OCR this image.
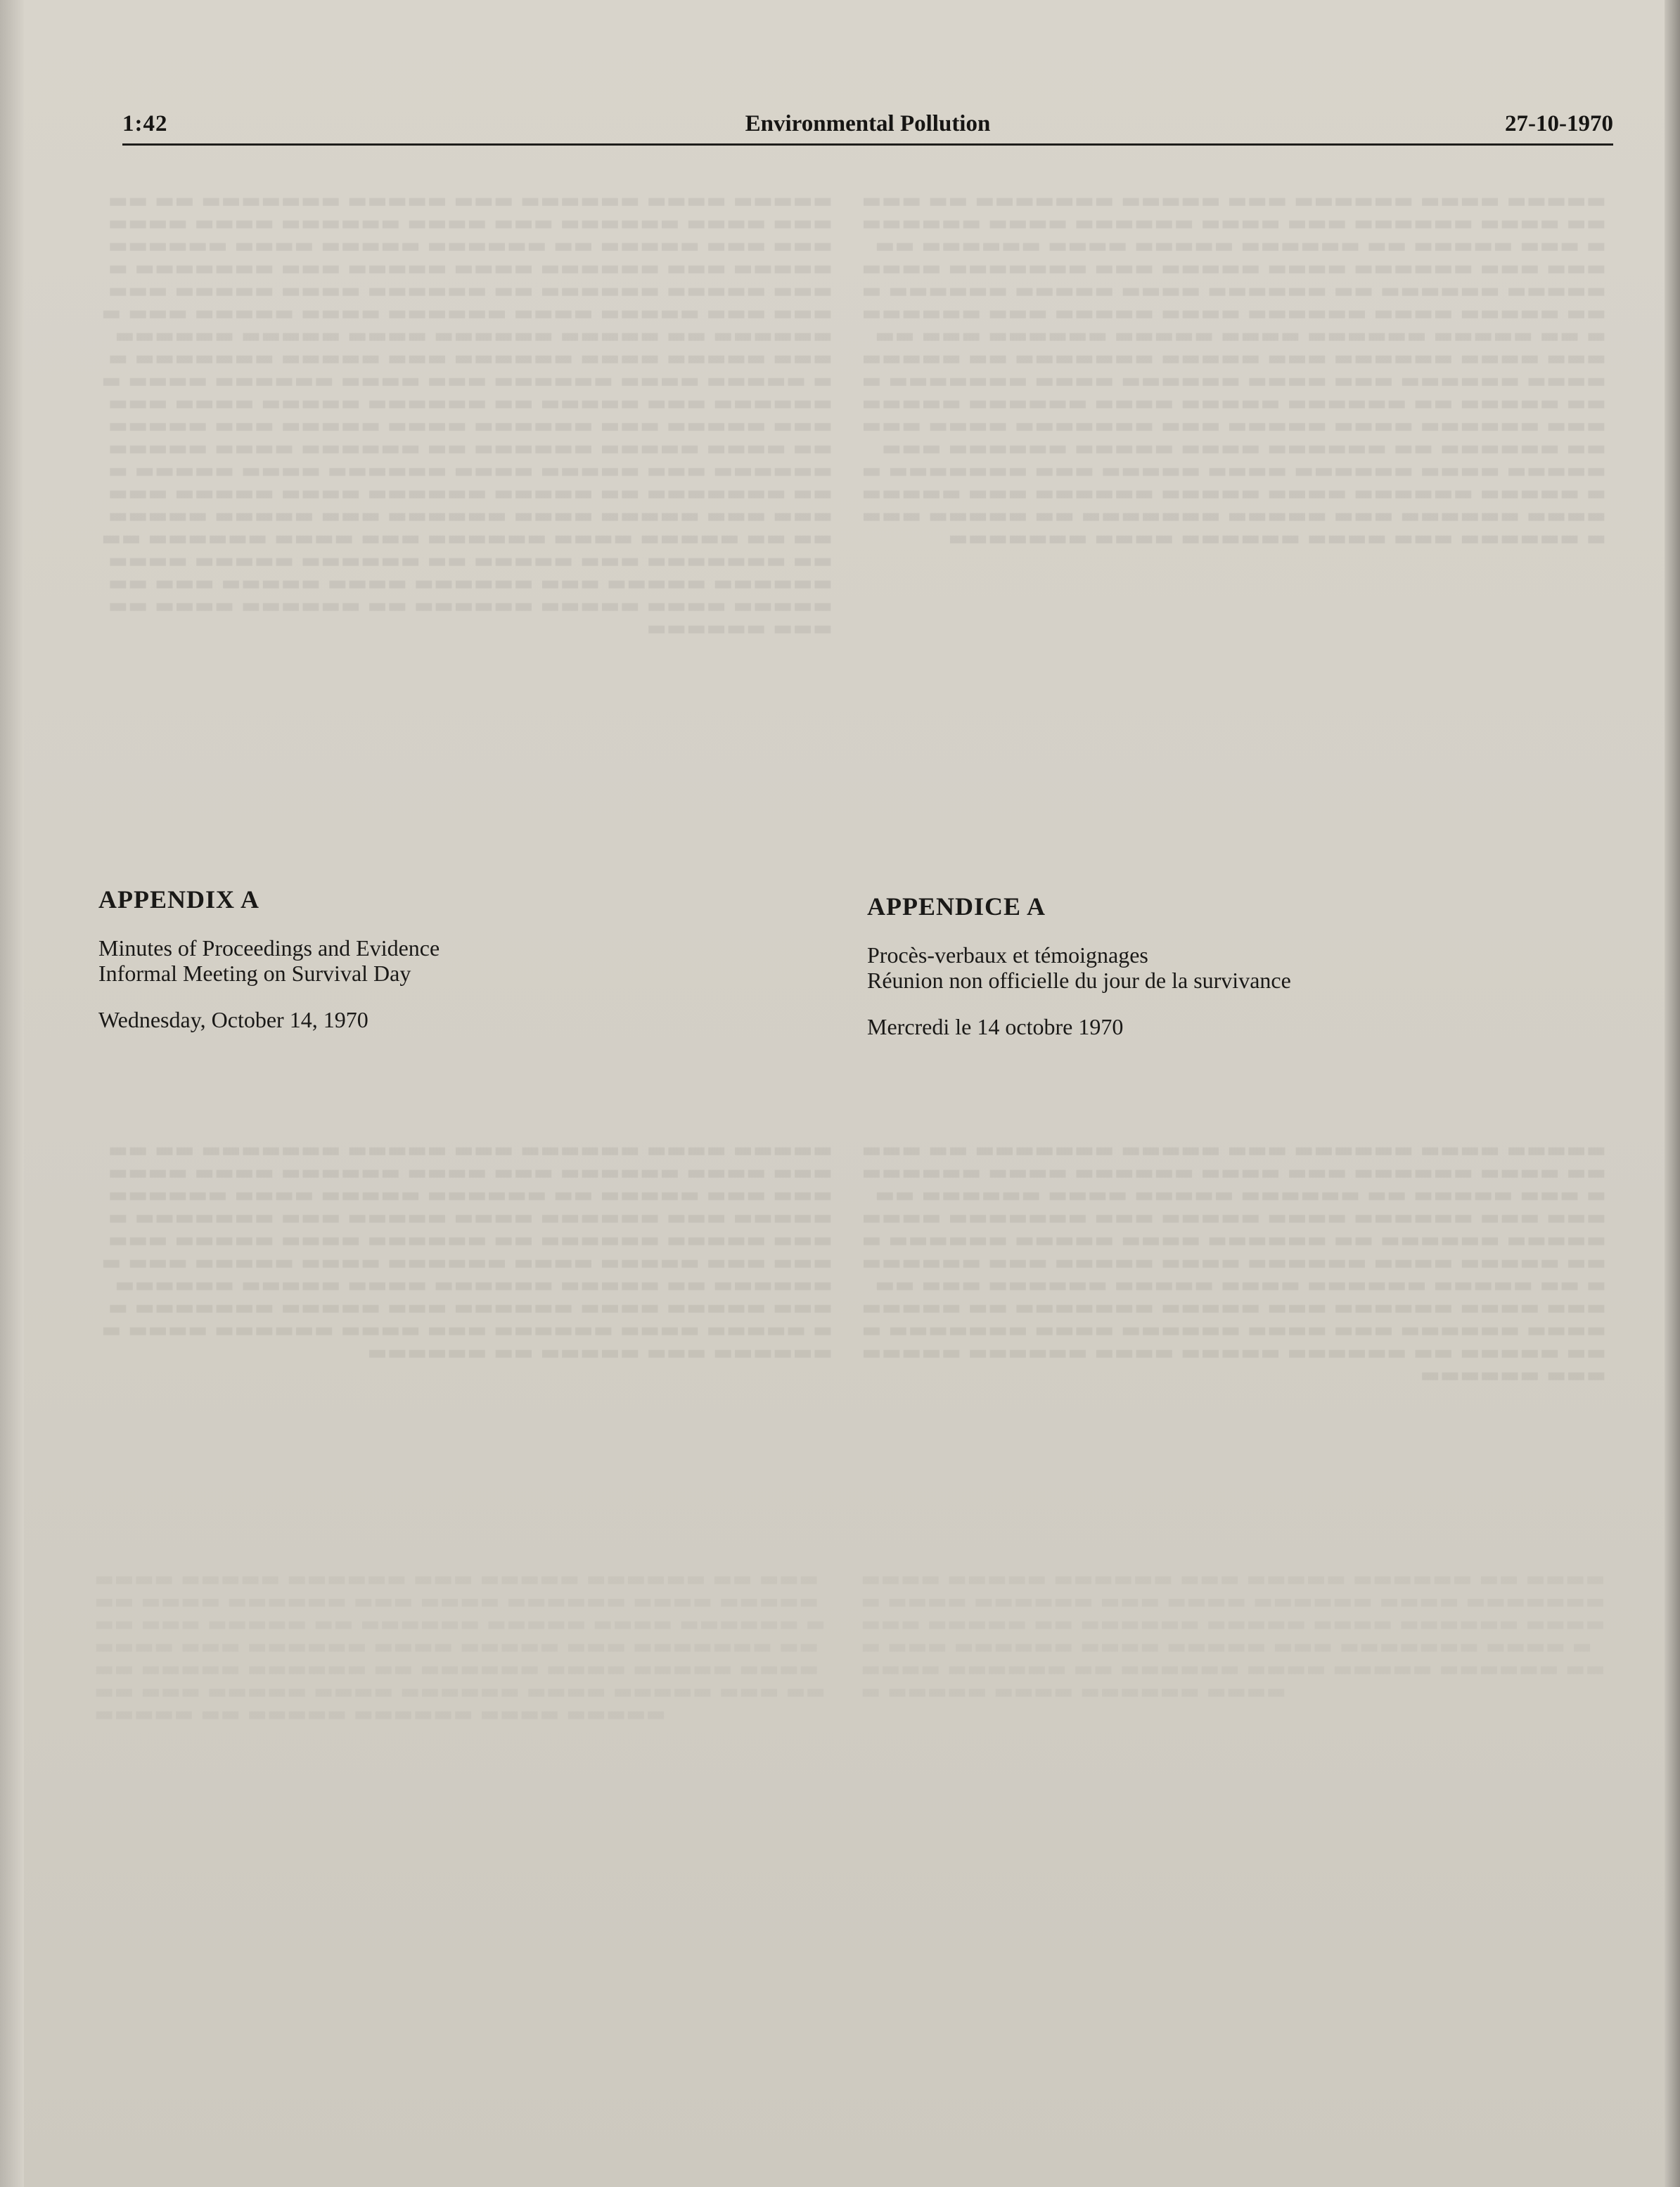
▬▬▬▬▬ ▬▬▬▬ ▬▬▬▬▬▬ ▬▬▬ ▬▬▬▬▬ ▬▬▬▬▬▬▬ ▬▬ ▬▬▬▬▬ ▬▬▬▬ ▬▬▬▬▬▬ ▬▬▬ ▬▬▬▬ ▬▬▬▬▬▬ ▬▬▬▬ ▬▬▬▬▬▬▬ ▬▬▬ ▬▬▬▬▬ ▬▬ ▬▬▬▬▬▬ ▬▬▬▬▬ ▬▬▬▬ ▬▬▬▬▬▬ ▬▬▬▬▬ ▬▬▬ ▬▬▬▬▬▬ ▬▬▬▬ ▬▬▬▬▬ ▬▬▬ ▬▬▬▬▬▬▬ ▬▬▬▬ ▬▬▬▬▬ ▬▬▬▬▬▬ ▬▬ ▬▬▬▬▬▬ ▬▬▬▬ ▬▬▬▬▬ ▬▬▬▬▬▬ ▬▬▬ ▬▬▬▬▬ ▬▬▬▬ ▬▬▬▬▬▬ ▬▬▬▬ ▬▬▬▬▬ ▬▬▬ ▬▬▬▬▬▬▬ ▬▬ ▬▬▬▬▬ ▬▬▬▬▬▬ ▬▬▬▬ ▬▬▬▬▬ ▬▬▬▬▬▬ ▬▬▬ ▬▬▬▬▬ ▬▬▬▬ ▬▬▬▬▬▬ ▬▬▬ ▬▬▬▬▬ ▬▬▬▬▬▬▬ ▬▬ ▬▬▬▬▬ ▬▬▬▬ ▬▬▬▬▬▬ ▬▬▬ ▬▬▬▬ ▬▬▬▬▬▬ ▬▬▬▬ ▬▬▬▬▬▬▬ ▬▬▬ ▬▬▬▬▬ ▬▬ ▬▬▬▬▬▬ ▬▬▬▬▬ ▬▬▬▬ ▬▬▬▬▬▬ ▬▬▬▬▬ ▬▬▬ ▬▬▬▬▬▬ ▬▬▬▬ ▬▬▬▬▬ ▬▬▬ ▬▬▬▬▬▬▬ ▬▬▬▬ ▬▬▬▬▬ ▬▬▬▬▬▬ ▬▬ ▬▬▬▬▬▬ ▬▬▬▬ ▬▬▬▬▬ ▬▬▬▬▬▬ ▬▬▬ ▬▬▬▬▬ ▬▬▬▬ ▬▬▬▬▬▬ ▬▬▬▬ ▬▬▬▬▬ ▬▬▬ ▬▬▬▬▬▬▬ ▬▬ ▬▬▬▬▬ ▬▬▬▬▬▬ ▬▬▬▬ ▬▬▬▬▬ ▬▬▬▬▬▬ ▬▬▬ ▬▬▬▬▬ ▬▬▬▬ ▬▬▬▬▬▬ ▬▬▬ ▬▬▬▬▬ ▬▬▬▬▬▬▬ ▬▬ ▬▬▬▬▬ ▬▬▬▬ ▬▬▬▬▬▬ ▬▬▬ ▬▬▬▬ ▬▬▬▬▬▬ ▬▬▬▬ ▬▬▬▬▬▬▬ ▬▬▬ ▬▬▬▬▬ ▬▬ ▬▬▬▬▬▬ ▬▬▬▬▬ ▬▬▬▬ ▬▬▬▬▬▬ ▬▬▬▬▬ ▬▬▬ ▬▬▬▬▬▬ ▬▬▬▬ ▬▬▬▬▬ ▬▬▬ ▬▬▬▬▬▬▬ ▬▬▬▬ ▬▬▬▬▬ ▬▬▬▬▬▬ ▬▬ ▬▬▬▬▬▬ ▬▬▬▬ ▬▬▬▬▬ ▬▬▬▬▬▬
▬▬▬▬▬ ▬▬▬▬ ▬▬▬▬▬▬ ▬▬▬ ▬▬▬▬▬ ▬▬▬▬▬▬▬ ▬▬ ▬▬▬▬▬ ▬▬▬▬ ▬▬▬▬▬▬ ▬▬▬ ▬▬▬▬ ▬▬▬▬▬▬ ▬▬▬▬ ▬▬▬▬▬▬▬ ▬▬▬ ▬▬▬▬▬ ▬▬ ▬▬▬▬▬▬ ▬▬▬▬▬ ▬▬▬▬ ▬▬▬▬▬▬ ▬▬▬▬▬ ▬▬▬ ▬▬▬▬▬▬ ▬▬▬▬ ▬▬▬▬▬ ▬▬▬ ▬▬▬▬▬▬▬ ▬▬▬▬ ▬▬▬▬▬ ▬▬▬▬▬▬ ▬▬ ▬▬▬▬▬▬ ▬▬▬▬ ▬▬▬▬▬ ▬▬▬▬▬▬ ▬▬▬ ▬▬▬▬▬ ▬▬▬▬ ▬▬▬▬▬▬ ▬▬▬▬ ▬▬▬▬▬ ▬▬▬ ▬▬▬▬▬▬▬ ▬▬ ▬▬▬▬▬ ▬▬▬▬▬▬ ▬▬▬▬ ▬▬▬▬▬ ▬▬▬▬▬▬ ▬▬▬ ▬▬▬▬▬ ▬▬▬▬ ▬▬▬▬▬▬ ▬▬▬ ▬▬▬▬▬ ▬▬▬▬▬▬▬ ▬▬ ▬▬▬▬▬ ▬▬▬▬ ▬▬▬▬▬▬ ▬▬▬ ▬▬▬▬ ▬▬▬▬▬▬ ▬▬▬▬ ▬▬▬▬▬▬▬ ▬▬▬ ▬▬▬▬▬ ▬▬ ▬▬▬▬▬▬ ▬▬▬▬▬ ▬▬▬▬ ▬▬▬▬▬▬ ▬▬▬▬▬ ▬▬▬ ▬▬▬▬▬▬ ▬▬▬▬ ▬▬▬▬▬ ▬▬▬ ▬▬▬▬▬▬▬ ▬▬▬▬ ▬▬▬▬▬ ▬▬▬▬▬▬ ▬▬ ▬▬▬▬▬▬ ▬▬▬▬ ▬▬▬▬▬ ▬▬▬▬▬▬ ▬▬▬ ▬▬▬▬▬ ▬▬▬▬ ▬▬▬▬▬▬ ▬▬▬▬ ▬▬▬▬▬ ▬▬▬ ▬▬▬▬▬▬▬ ▬▬ ▬▬▬▬▬ ▬▬▬▬▬▬ ▬▬▬▬ ▬▬▬▬▬ ▬▬▬▬▬▬ ▬▬▬ ▬▬▬▬▬ ▬▬▬▬ ▬▬▬▬▬▬ ▬▬▬ ▬▬▬▬▬ ▬▬▬▬▬▬▬ ▬▬ ▬▬▬▬▬ ▬▬▬▬ ▬▬▬▬▬▬ ▬▬▬ ▬▬▬▬ ▬▬▬▬▬▬ ▬▬▬▬ ▬▬▬▬▬▬▬
▬▬▬▬▬ ▬▬▬▬ ▬▬▬▬▬▬ ▬▬▬ ▬▬▬▬▬ ▬▬▬▬▬▬▬ ▬▬ ▬▬▬▬▬ ▬▬▬▬ ▬▬▬▬▬▬ ▬▬▬ ▬▬▬▬ ▬▬▬▬▬▬ ▬▬▬▬ ▬▬▬▬▬▬▬ ▬▬▬ ▬▬▬▬▬ ▬▬ ▬▬▬▬▬▬ ▬▬▬▬▬ ▬▬▬▬ ▬▬▬▬▬▬ ▬▬▬▬▬ ▬▬▬ ▬▬▬▬▬▬ ▬▬▬▬ ▬▬▬▬▬ ▬▬▬ ▬▬▬▬▬▬▬ ▬▬▬▬ ▬▬▬▬▬ ▬▬▬▬▬▬ ▬▬ ▬▬▬▬▬▬ ▬▬▬▬ ▬▬▬▬▬ ▬▬▬▬▬▬ ▬▬▬ ▬▬▬▬▬ ▬▬▬▬ ▬▬▬▬▬▬ ▬▬▬▬ ▬▬▬▬▬ ▬▬▬ ▬▬▬▬▬▬▬ ▬▬ ▬▬▬▬▬ ▬▬▬▬▬▬ ▬▬▬▬ ▬▬▬▬▬ ▬▬▬▬▬▬ ▬▬▬ ▬▬▬▬▬ ▬▬▬▬ ▬▬▬▬▬▬ ▬▬▬ ▬▬▬▬▬ ▬▬▬▬▬▬▬ ▬▬ ▬▬▬▬▬ ▬▬▬▬ ▬▬▬▬▬▬ ▬▬▬ ▬▬▬▬ ▬▬▬▬▬▬ ▬▬▬▬ ▬▬▬▬▬▬▬ ▬▬▬ ▬▬▬▬▬ ▬▬ ▬▬▬▬▬▬
▬▬▬▬▬ ▬▬▬▬ ▬▬▬▬▬▬ ▬▬▬ ▬▬▬▬▬ ▬▬▬▬▬▬▬ ▬▬ ▬▬▬▬▬ ▬▬▬▬ ▬▬▬▬▬▬ ▬▬▬ ▬▬▬▬ ▬▬▬▬▬▬ ▬▬▬▬ ▬▬▬▬▬▬▬ ▬▬▬ ▬▬▬▬▬ ▬▬ ▬▬▬▬▬▬ ▬▬▬▬▬ ▬▬▬▬ ▬▬▬▬▬▬ ▬▬▬▬▬ ▬▬▬ ▬▬▬▬▬▬ ▬▬▬▬ ▬▬▬▬▬ ▬▬▬ ▬▬▬▬▬▬▬ ▬▬▬▬ ▬▬▬▬▬ ▬▬▬▬▬▬ ▬▬ ▬▬▬▬▬▬ ▬▬▬▬ ▬▬▬▬▬ ▬▬▬▬▬▬ ▬▬▬ ▬▬▬▬▬ ▬▬▬▬ ▬▬▬▬▬▬ ▬▬▬▬ ▬▬▬▬▬ ▬▬▬ ▬▬▬▬▬▬▬ ▬▬ ▬▬▬▬▬ ▬▬▬▬▬▬ ▬▬▬▬ ▬▬▬▬▬ ▬▬▬▬▬▬ ▬▬▬ ▬▬▬▬▬ ▬▬▬▬ ▬▬▬▬▬▬ ▬▬▬ ▬▬▬▬▬ ▬▬▬▬▬▬▬ ▬▬ ▬▬▬▬▬ ▬▬▬▬ ▬▬▬▬▬▬ ▬▬▬ ▬▬▬▬ ▬▬▬▬▬▬ ▬▬▬▬ ▬▬▬▬▬▬▬ ▬▬▬ ▬▬▬▬▬ ▬▬ ▬▬▬▬▬▬ ▬▬▬▬▬ ▬▬▬▬ ▬▬▬▬▬▬ ▬▬▬▬▬ ▬▬▬ ▬▬▬▬▬▬
▬▬▬▬ ▬▬▬▬▬ ▬▬▬▬▬▬ ▬▬▬ ▬▬▬▬▬ ▬▬▬▬▬▬ ▬▬ ▬▬▬▬▬ ▬▬▬▬ ▬▬▬▬▬▬ ▬▬▬ ▬▬▬▬ ▬▬▬▬▬▬ ▬▬▬▬ ▬▬▬▬▬▬▬ ▬▬▬ ▬▬▬▬▬ ▬▬ ▬▬▬▬▬▬ ▬▬▬▬▬ ▬▬▬▬ ▬▬▬▬▬▬ ▬▬▬▬▬ ▬▬▬ ▬▬▬▬▬▬ ▬▬▬▬ ▬▬▬▬▬ ▬▬▬ ▬▬▬▬▬▬▬ ▬▬▬▬ ▬▬▬▬▬ ▬▬▬▬▬▬ ▬▬ ▬▬▬▬▬▬ ▬▬▬▬ ▬▬▬▬▬ ▬▬▬▬▬▬ ▬▬▬ ▬▬▬▬▬ ▬▬▬▬ ▬▬▬▬▬▬ ▬▬▬▬ ▬▬▬▬▬ ▬▬▬ ▬▬▬▬▬▬▬ ▬▬ ▬▬▬▬▬ ▬▬▬▬▬▬ ▬▬▬▬ ▬▬▬▬▬
▬▬▬▬ ▬▬▬▬▬ ▬▬▬▬▬▬ ▬▬▬ ▬▬▬▬▬ ▬▬▬▬▬▬ ▬▬ ▬▬▬▬▬ ▬▬▬▬ ▬▬▬▬▬▬ ▬▬▬ ▬▬▬▬ ▬▬▬▬▬▬ ▬▬▬▬ ▬▬▬▬▬▬▬ ▬▬▬ ▬▬▬▬▬ ▬▬ ▬▬▬▬▬▬ ▬▬▬▬▬ ▬▬▬▬ ▬▬▬▬▬▬ ▬▬▬▬▬ ▬▬▬ ▬▬▬▬▬▬ ▬▬▬▬ ▬▬▬▬▬ ▬▬▬ ▬▬▬▬▬▬▬ ▬▬▬▬ ▬▬▬▬▬ ▬▬▬▬▬▬ ▬▬ ▬▬▬▬▬▬ ▬▬▬▬ ▬▬▬▬▬ ▬▬▬▬▬▬ ▬▬▬ ▬▬▬▬▬ ▬▬▬▬ ▬▬▬▬▬▬ ▬▬▬▬
1:42	Environmental Pollution	27-10-1970
APPENDIX A

Minutes of Proceedings and Evidence

Informal Meeting on Survival Day

Wednesday, October 14, 1970

APPENDICE A

Procès-verbaux et témoignages

Réunion non officielle du jour de la survivance

Mercredi le 14 octobre 1970
